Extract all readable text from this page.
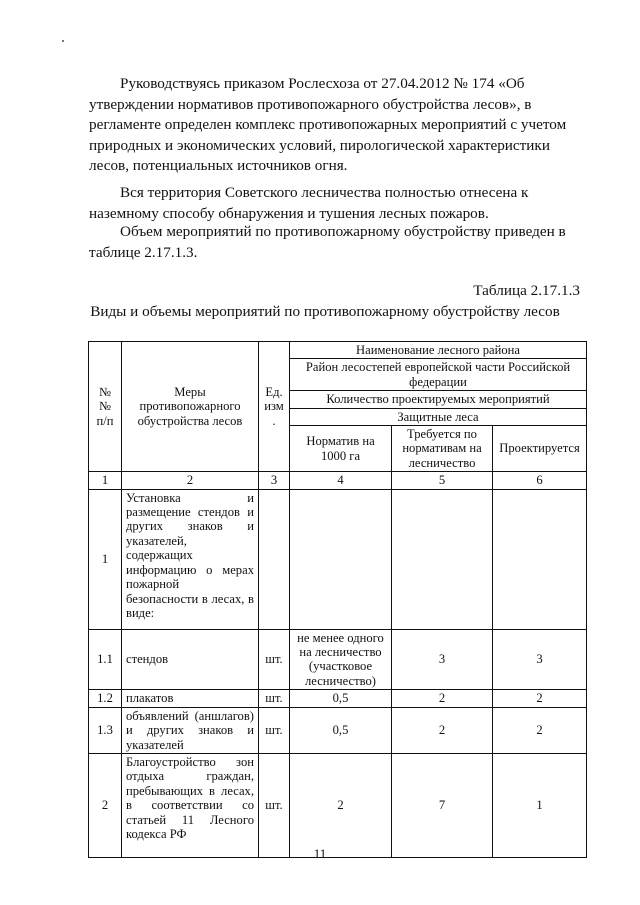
Руководствуясь приказом Рослесхоза от 27.04.2012 № 174 «Об
утверждении нормативов противопожарного обустройства лесов», в
регламенте определен комплекс противопожарных мероприятий с учетом
природных и экономических условий, пирологической характеристики
лесов, потенциальных источников огня.
Вся территория Советского лесничества полностью отнесена к
наземному способу обнаружения и тушения лесных пожаров.
Объем мероприятий по противопожарному обустройству приведен в
таблице 2.17.1.3.
Таблица 2.17.1.3
Виды и объемы мероприятий по противопожарному обустройству лесов
№№ п/п	Меры противопожарного обустройства лесов	Ед. изм .	Наименование лесного района		
			Район лесостепей европейской части Российской федерации		
			Количество проектируемых мероприятий		
			Защитные леса		
			Норматив на 1000 га	Требуется по нормативам на лесничество	Проектируется
1	2	3	4	5	6
1	Установка и размещение стендов и других знаков и указателей, содержащих информацию о мерах пожарной безопасности в лесах, в виде:				
1.1	стендов	шт.	не менее одного на лесничество (участковое лесничество)	3	3
1.2	плакатов	шт.	0,5	2	2
1.3	объявлений (аншлагов) и других знаков и указателей	шт.	0,5	2	2
2	Благоустройство зон отдыха граждан, пребывающих в лесах, в соответствии со статьей 11 Лесного кодекса РФ	шт.	2	7	1
11
